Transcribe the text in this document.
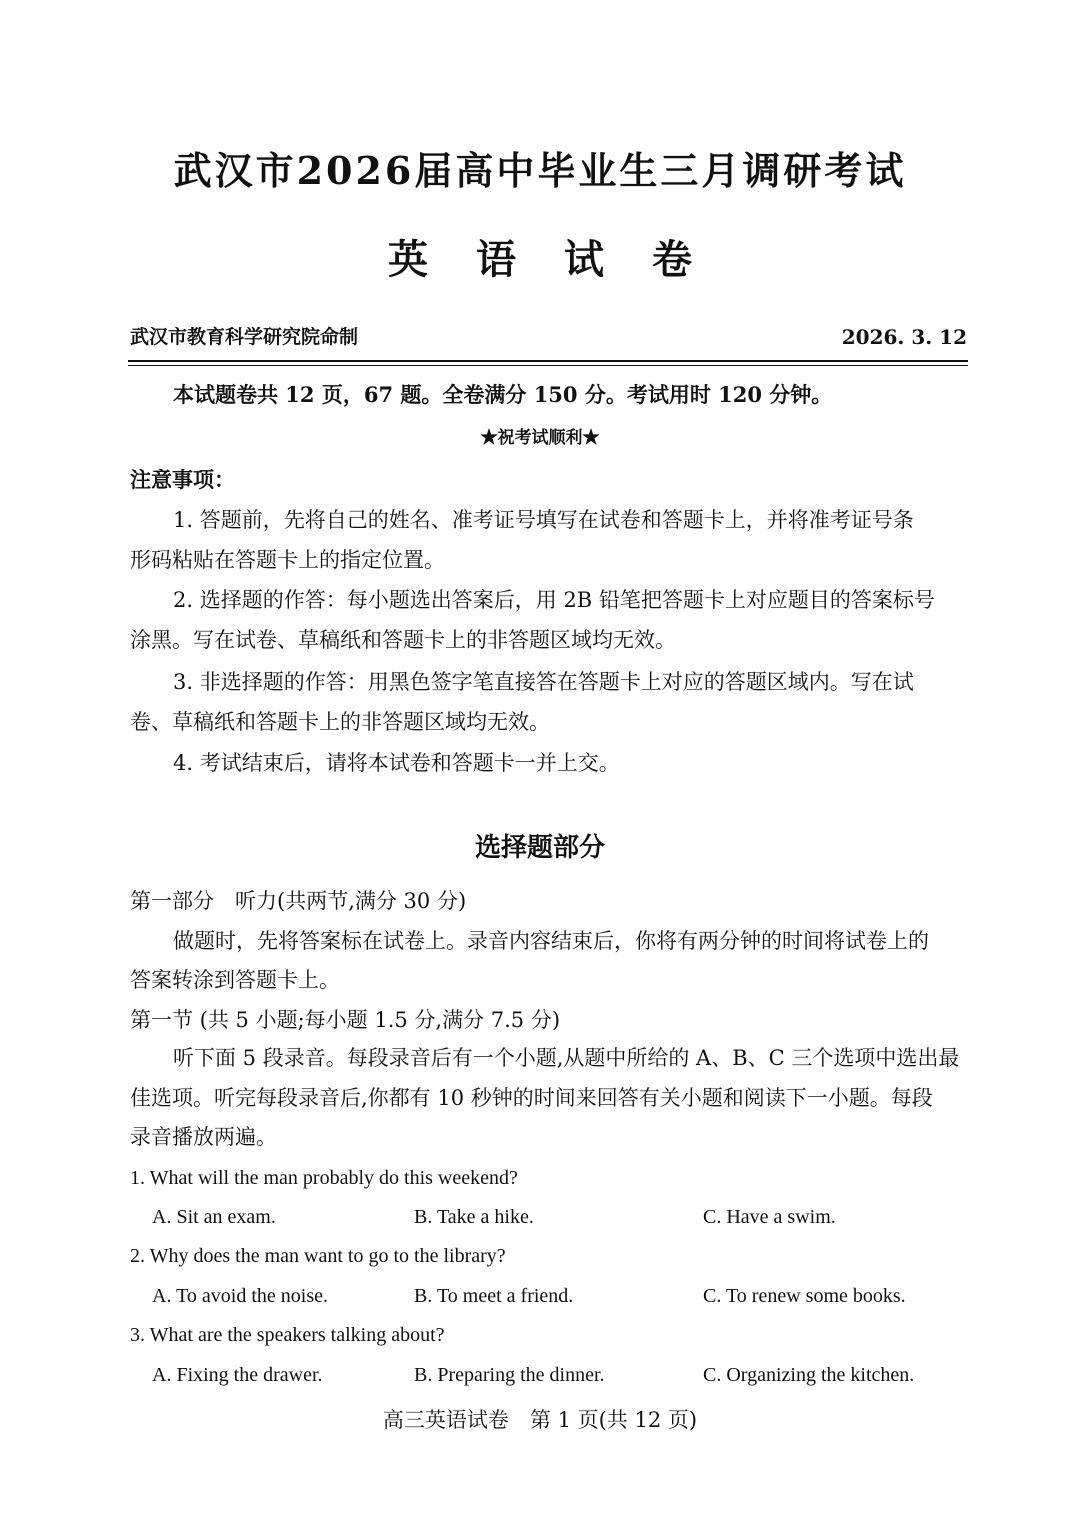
武汉市2026届高中毕业生三月调研考试
英语试卷
武汉市教育科学研究院命制	2026. 3. 12
本试题卷共 12 页，67 题。全卷满分 150 分。考试用时 120 分钟。
★祝考试顺利★
注意事项：
1. 答题前，先将自己的姓名、准考证号填写在试卷和答题卡上，并将准考证号条
形码粘贴在答题卡上的指定位置。
2. 选择题的作答：每小题选出答案后，用 2B 铅笔把答题卡上对应题目的答案标号
涂黑。写在试卷、草稿纸和答题卡上的非答题区域均无效。
3. 非选择题的作答：用黑色签字笔直接答在答题卡上对应的答题区域内。写在试
卷、草稿纸和答题卡上的非答题区域均无效。
4. 考试结束后，请将本试卷和答题卡一并上交。
选择题部分
第一部分　听力(共两节,满分 30 分)
做题时，先将答案标在试卷上。录音内容结束后，你将有两分钟的时间将试卷上的
答案转涂到答题卡上。
第一节 (共 5 小题;每小题 1.5 分,满分 7.5 分)
听下面 5 段录音。每段录音后有一个小题,从题中所给的 A、B、C 三个选项中选出最
佳选项。听完每段录音后,你都有 10 秒钟的时间来回答有关小题和阅读下一小题。每段
录音播放两遍。
1. What will the man probably do this weekend?
A. Sit an exam.	B. Take a hike.	C. Have a swim.
2. Why does the man want to go to the library?
A. To avoid the noise.	B. To meet a friend.	C. To renew some books.
3. What are the speakers talking about?
A. Fixing the drawer.	B. Preparing the dinner.	C. Organizing the kitchen.
高三英语试卷　第 1 页(共 12 页)
